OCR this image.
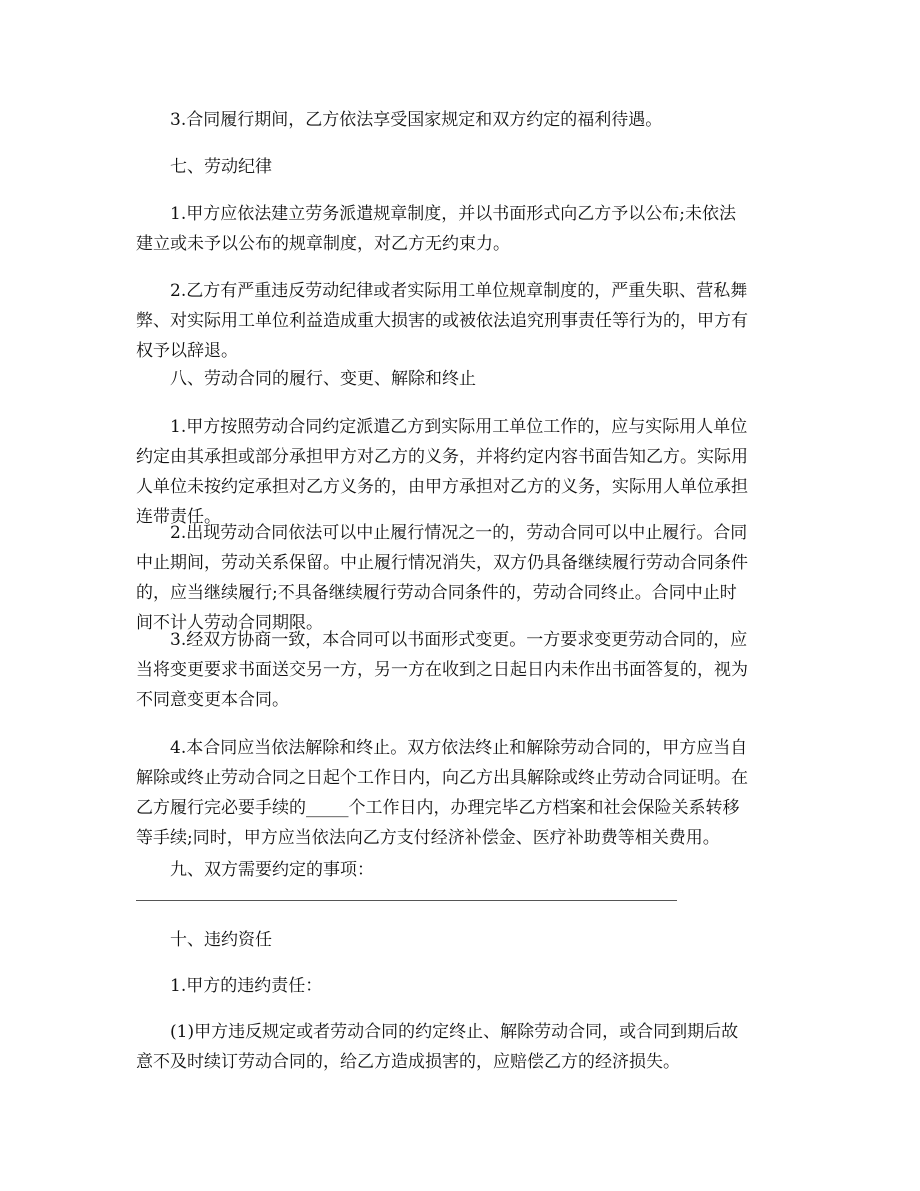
3.合同履行期间，乙方依法享受国家规定和双方约定的福利待遇。
七、劳动纪律
1.甲方应依法建立劳务派遣规章制度，并以书面形式向乙方予以公布;未依法
建立或未予以公布的规章制度，对乙方无约束力。
2.乙方有严重违反劳动纪律或者实际用工单位规章制度的，严重失职、营私舞
弊、对实际用工单位利益造成重大损害的或被依法追究刑事责任等行为的，甲方有
权予以辞退。
八、劳动合同的履行、变更、解除和终止
1.甲方按照劳动合同约定派遣乙方到实际用工单位工作的，应与实际用人单位
约定由其承担或部分承担甲方对乙方的义务，并将约定内容书面告知乙方。实际用
人单位未按约定承担对乙方义务的，由甲方承担对乙方的义务，实际用人单位承担
连带责任。
2.出现劳动合同依法可以中止履行情况之一的，劳动合同可以中止履行。合同
中止期间，劳动关系保留。中止履行情况消失，双方仍具备继续履行劳动合同条件
的，应当继续履行;不具备继续履行劳动合同条件的，劳动合同终止。合同中止时
间不计人劳动合同期限。
3.经双方协商一致，本合同可以书面形式变更。一方要求变更劳动合同的，应
当将变更要求书面送交另一方，另一方在收到之日起日内未作出书面答复的，视为
不同意变更本合同。
4.本合同应当依法解除和终止。双方依法终止和解除劳动合同的，甲方应当自
解除或终止劳动合同之日起个工作日内，向乙方出具解除或终止劳动合同证明。在
乙方履行完必要手续的_____个工作日内，办理完毕乙方档案和社会保险关系转移
等手续;同时，甲方应当依法向乙方支付经济补偿金、医疗补助费等相关费用。
九、双方需要约定的事项：
十、违约资任
1.甲方的违约责任：
(1)甲方违反规定或者劳动合同的约定终止、解除劳动合同，或合同到期后故
意不及时续订劳动合同的，给乙方造成损害的，应赔偿乙方的经济损失。
